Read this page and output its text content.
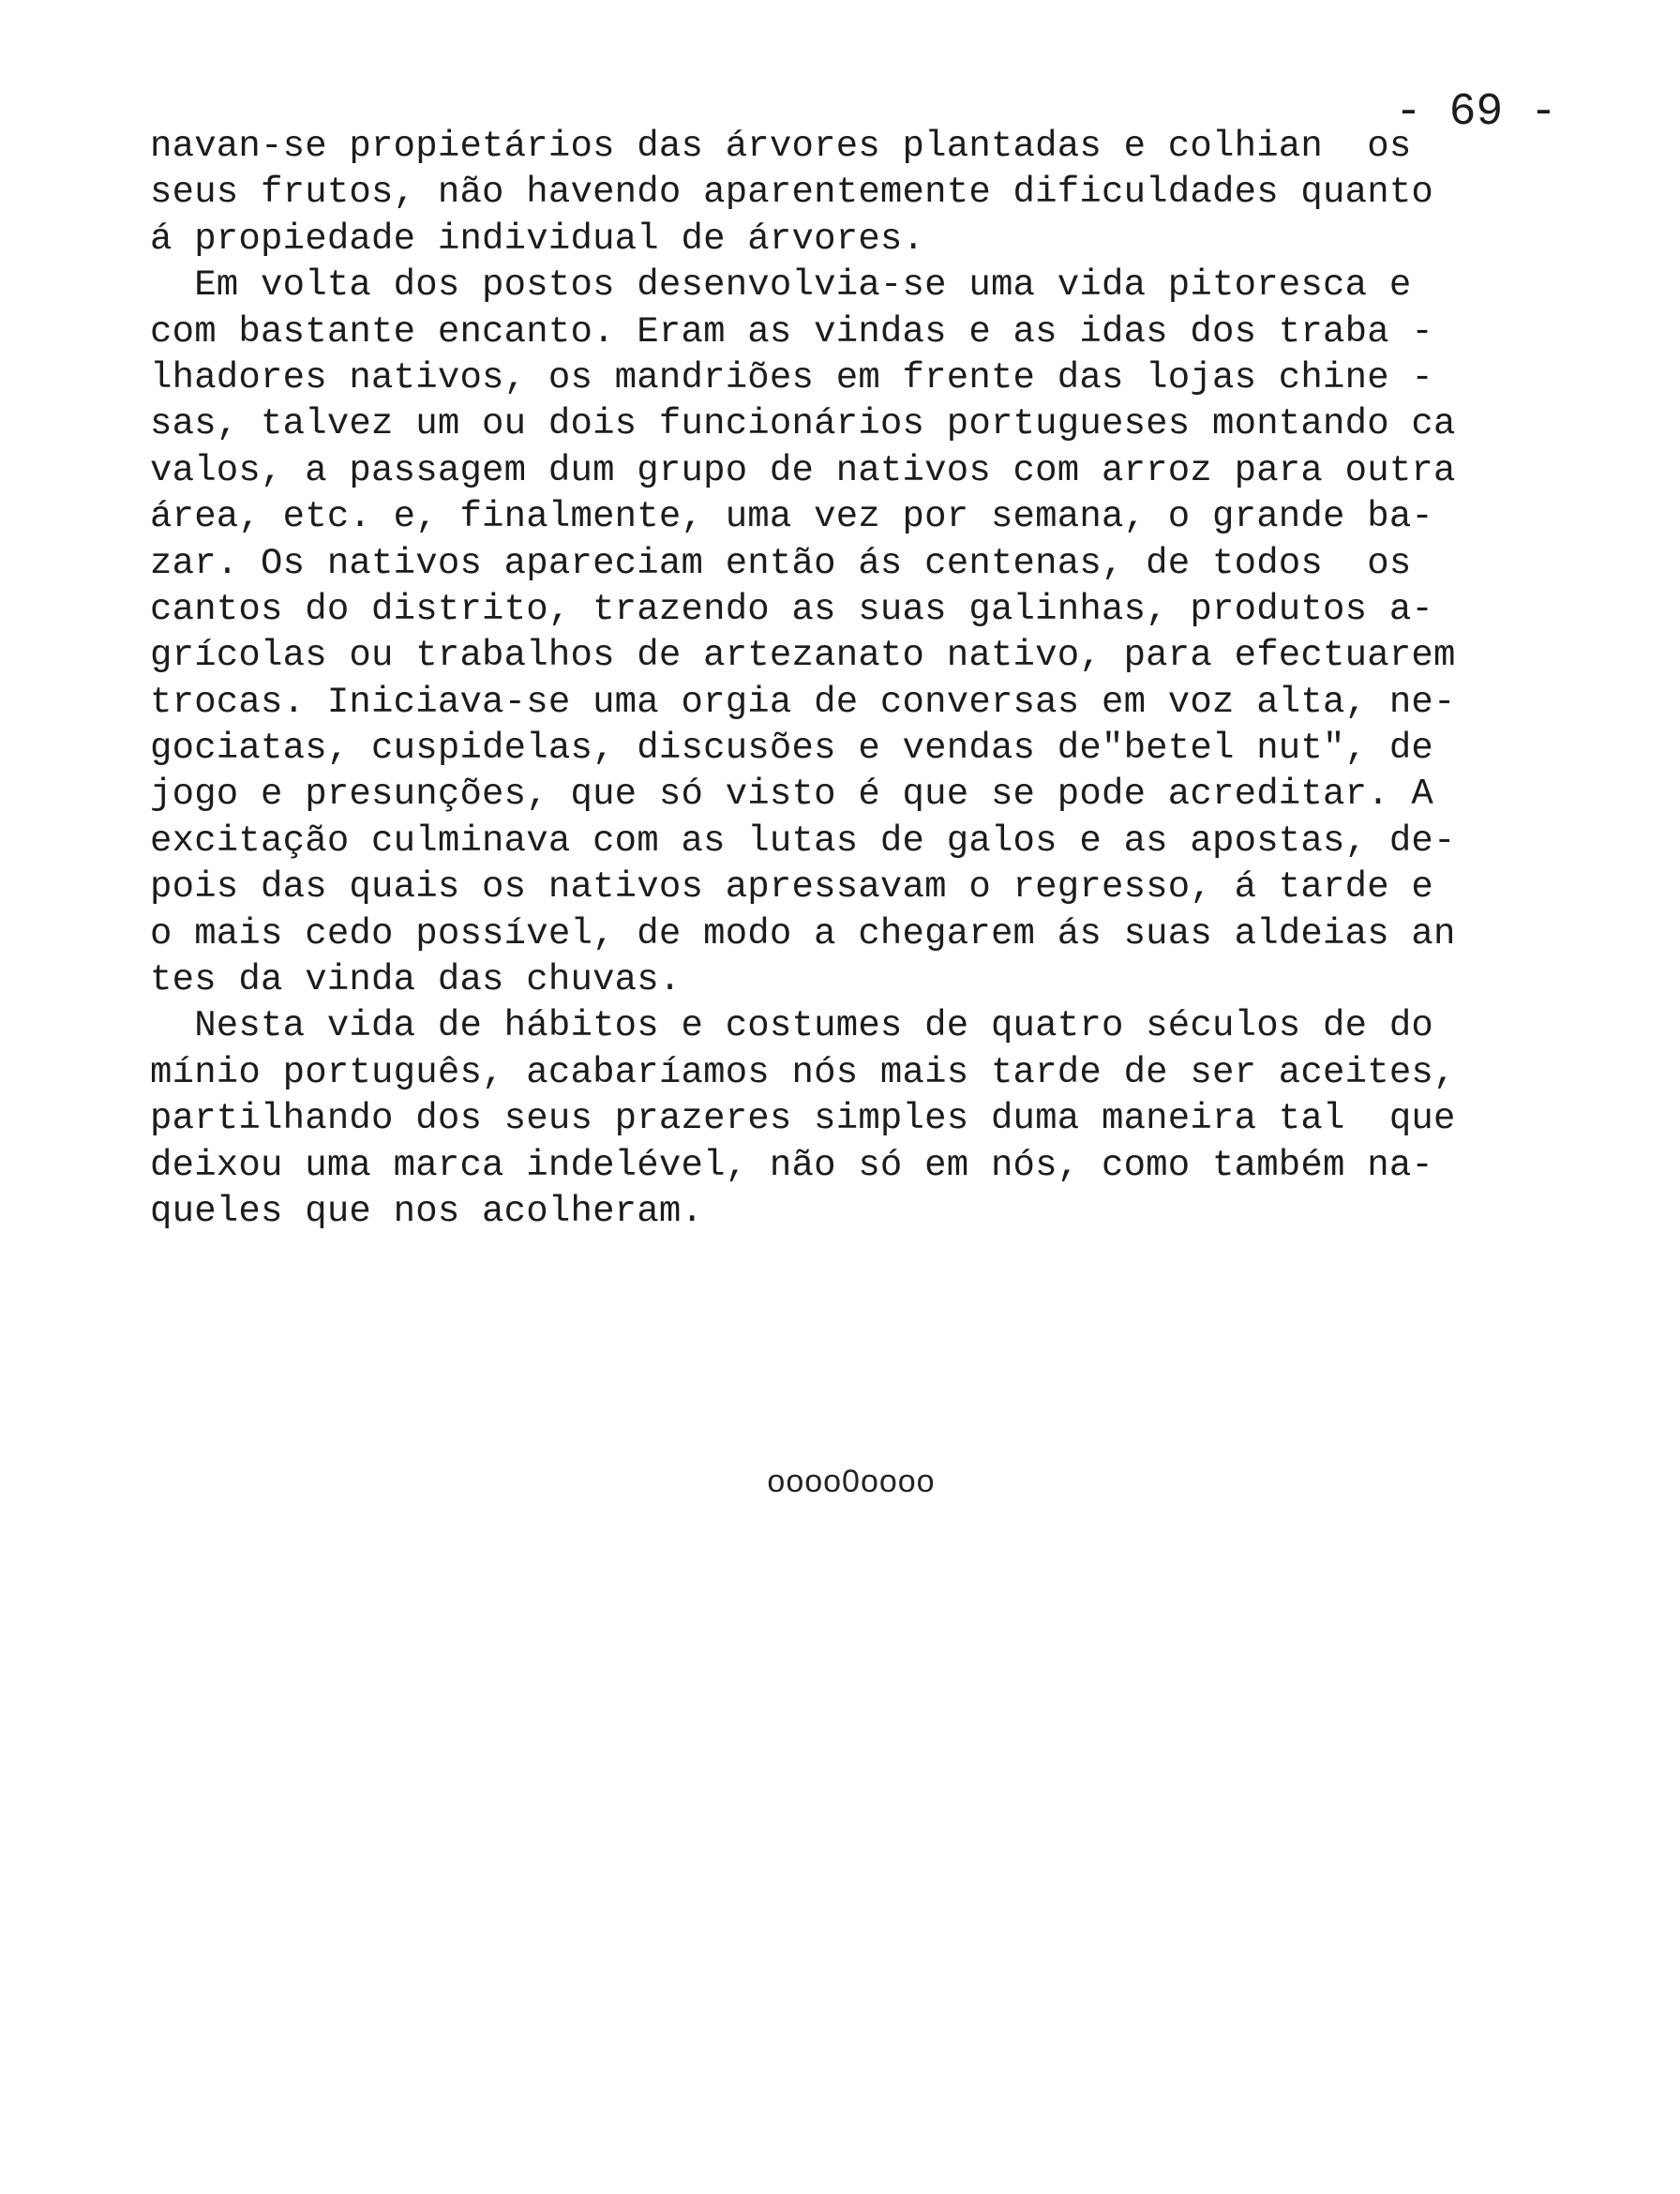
- 69 -
navan-se propietários das árvores plantadas e colhian  os
seus frutos, não havendo aparentemente dificuldades quanto
á propiedade individual de árvores.
Em volta dos postos desenvolvia-se uma vida pitoresca e
com bastante encanto. Eram as vindas e as idas dos traba -
lhadores nativos, os mandriões em frente das lojas chine -
sas, talvez um ou dois funcionários portugueses montando ca
valos, a passagem dum grupo de nativos com arroz para outra
área, etc. e, finalmente, uma vez por semana, o grande ba-
zar. Os nativos apareciam então ás centenas, de todos  os
cantos do distrito, trazendo as suas galinhas, produtos a-
grícolas ou trabalhos de artezanato nativo, para efectuarem
trocas. Iniciava-se uma orgia de conversas em voz alta, ne-
gociatas, cuspidelas, discusões e vendas de"betel nut", de
jogo e presunções, que só visto é que se pode acreditar. A
excitação culminava com as lutas de galos e as apostas, de-
pois das quais os nativos apressavam o regresso, á tarde e
o mais cedo possível, de modo a chegarem ás suas aldeias an
tes da vinda das chuvas.
Nesta vida de hábitos e costumes de quatro séculos de do
mínio português, acabaríamos nós mais tarde de ser aceites,
partilhando dos seus prazeres simples duma maneira tal  que
deixou uma marca indelével, não só em nós, como também na-
queles que nos acolheram.
oooo0oooo
